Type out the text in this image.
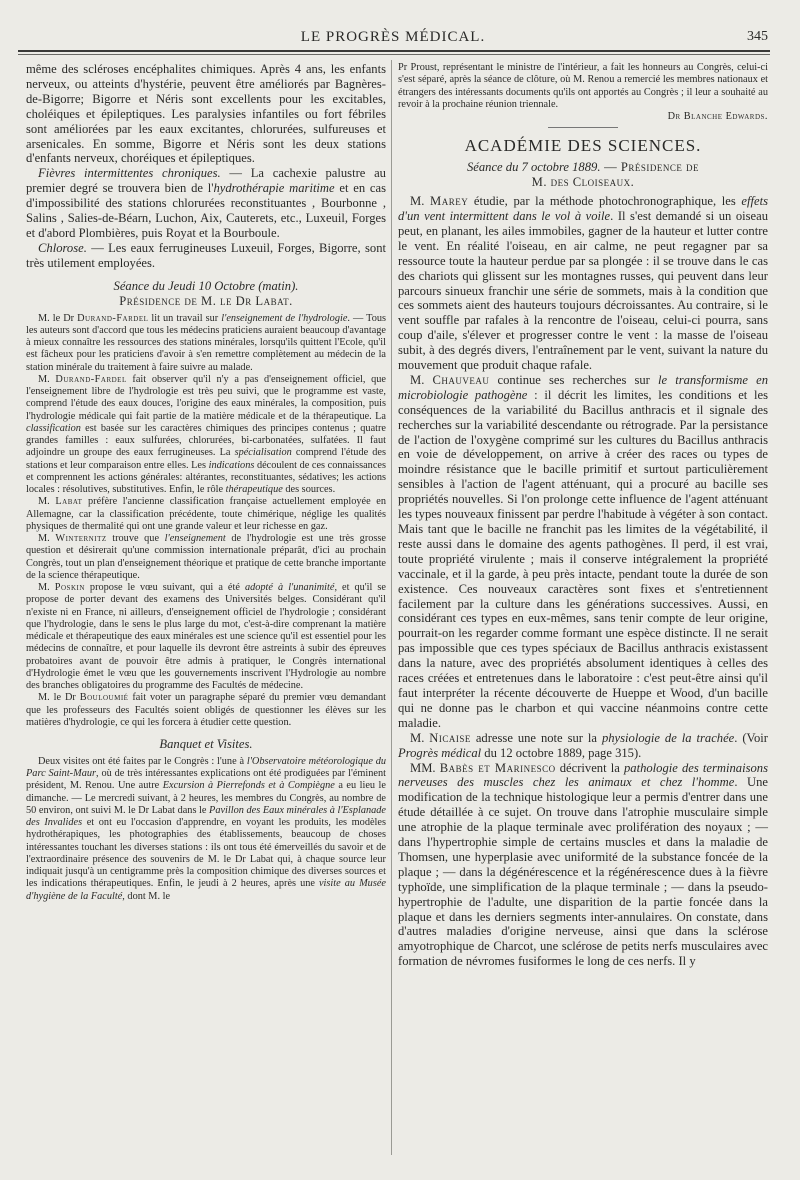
LE PROGRÈS MÉDICAL.	345

même des scléroses encéphalites chimiques. Après 4 ans, les enfants nerveux, ou atteints d'hystérie, peuvent être améliorés par Bagnères-de-Bigorre; Bigorre et Néris sont excellents pour les excitables, choléiques et épileptiques. Les paralysies infantiles ou fort fébriles sont améliorées par les eaux excitantes, chlorurées, sulfureuses et arsenicales. En somme, Bigorre et Néris sont les deux stations d'enfants nerveux, choréiques et épileptiques.

Fièvres intermittentes chroniques. — La cachexie palustre au premier degré se trouvera bien de l'hydrothérapie maritime et en cas d'impossibilité des stations chlorurées reconstituantes , Bourbonne , Salins , Salies-de-Béarn, Luchon, Aix, Cauterets, etc., Luxeuil, Forges et d'abord Plombières, puis Royat et la Bourboule.

Chlorose. — Les eaux ferrugineuses Luxeuil, Forges, Bigorre, sont très utilement employées.

Séance du Jeudi 10 Octobre (matin).

Présidence de M. le Dr Labat.

M. le Dr Durand-Fardel lit un travail sur l'enseignement de l'hydrologie. — Tous les auteurs sont d'accord que tous les médecins praticiens auraient beaucoup d'avantage à mieux connaître les ressources des stations minérales, lorsqu'ils quittent l'Ecole, qu'il est fâcheux pour les praticiens d'avoir à s'en remettre complètement au médecin de la station minérale du traitement à faire suivre au malade.

M. Durand-Fardel fait observer qu'il n'y a pas d'enseignement officiel, que l'enseignement libre de l'hydrologie est très peu suivi, que le programme est vaste, comprend l'étude des eaux douces, l'origine des eaux minérales, la composition, puis l'hydrologie médicale qui fait partie de la matière médicale et de la thérapeutique. La classification est basée sur les caractères chimiques des principes contenus ; quatre grandes familles : eaux sulfurées, chlorurées, bi-carbonatées, sulfatées. Il faut adjoindre un groupe des eaux ferrugineuses. La spécialisation comprend l'étude des stations et leur comparaison entre elles. Les indications découlent de ces connaissances et comprennent les actions générales: altérantes, reconstituantes, sédatives; les actions locales : résolutives, substitutives. Enfin, le rôle thérapeutique des sources.

M. Labat préfère l'ancienne classification française actuellement employée en Allemagne, car la classification précédente, toute chimérique, néglige les qualités physiques de thermalité qui ont une grande valeur et leur richesse en gaz.

M. Winternitz trouve que l'enseignement de l'hydrologie est une très grosse question et désirerait qu'une commission internationale préparât, d'ici au prochain Congrès, tout un plan d'enseignement théorique et pratique de cette branche importante de la science thérapeutique.

M. Poskin propose le vœu suivant, qui a été adopté à l'unanimité, et qu'il se propose de porter devant des examens des Universités belges. Considérant qu'il n'existe ni en France, ni ailleurs, d'enseignement officiel de l'hydrologie ; considérant que l'hydrologie, dans le sens le plus large du mot, c'est-à-dire comprenant la matière médicale et thérapeutique des eaux minérales est une science qu'il est essentiel pour les médecins de connaître, et pour laquelle ils devront être astreints à subir des épreuves probatoires avant de pouvoir être admis à pratiquer, le Congrès international d'Hydrologie émet le vœu que les gouvernements inscrivent l'Hydrologie au nombre des branches obligatoires du programme des Facultés de médecine.

M. le Dr Bouloumié fait voter un paragraphe séparé du premier vœu demandant que les professeurs des Facultés soient obligés de questionner les élèves sur les matières d'hydrologie, ce qui les forcera à étudier cette question.

Banquet et Visites.

Deux visites ont été faites par le Congrès : l'une à l'Observatoire météorologique du Parc Saint-Maur, où de très intéressantes explications ont été prodiguées par l'éminent président, M. Renou. Une autre Excursion à Pierrefonds et à Compiègne a eu lieu le dimanche. — Le mercredi suivant, à 2 heures, les membres du Congrès, au nombre de 50 environ, ont suivi M. le Dr Labat dans le Pavillon des Eaux minérales à l'Esplanade des Invalides et ont eu l'occasion d'apprendre, en voyant les produits, les modèles hydrothérapiques, les photographies des établissements, beaucoup de choses intéressantes touchant les diverses stations : ils ont tous été émerveillés du savoir et de l'extraordinaire présence des souvenirs de M. le Dr Labat qui, à chaque source leur indiquait jusqu'à un centigramme près la composition chimique des diverses sources et les indications thérapeutiques. Enfin, le jeudi à 2 heures, après une visite au Musée d'hygiène de la Faculté, dont M. le

Pr Proust, représentant le ministre de l'intérieur, a fait les honneurs au Congrès, celui-ci s'est séparé, après la séance de clôture, où M. Renou a remercié les membres nationaux et étrangers des intéressants documents qu'ils ont apportés au Congrès ; il leur a souhaité au revoir à la prochaine réunion triennale.

Dr Blanche Edwards.

ACADÉMIE DES SCIENCES.

Séance du 7 octobre 1889. — Présidence de

M. des Cloiseaux.

M. Marey étudie, par la méthode photochronographique, les effets d'un vent intermittent dans le vol à voile. Il s'est demandé si un oiseau peut, en planant, les ailes immobiles, gagner de la hauteur et lutter contre le vent. En réalité l'oiseau, en air calme, ne peut regagner par sa ressource toute la hauteur perdue par sa plongée : il se trouve dans le cas des chariots qui glissent sur les montagnes russes, qui peuvent dans leur parcours sinueux franchir une série de sommets, mais à la condition que ces sommets aient des hauteurs toujours décroissantes. Au contraire, si le vent souffle par rafales à la rencontre de l'oiseau, celui-ci pourra, sans coup d'aile, s'élever et progresser contre le vent : la masse de l'oiseau subit, à des degrés divers, l'entraînement par le vent, suivant la nature du mouvement que produit chaque rafale.

M. Chauveau continue ses recherches sur le transformisme en microbiologie pathogène : il décrit les limites, les conditions et les conséquences de la variabilité du Bacillus anthracis et il signale des recherches sur la variabilité descendante ou rétrograde. Par la persistance de l'action de l'oxygène comprimé sur les cultures du Bacillus anthracis en voie de développement, on arrive à créer des races ou types de moindre résistance que le bacille primitif et surtout particulièrement sensibles à l'action de l'agent atténuant, qui a procuré au bacille ses propriétés nouvelles. Si l'on prolonge cette influence de l'agent atténuant les types nouveaux finissent par perdre l'habitude à végéter à son contact. Mais tant que le bacille ne franchit pas les limites de la végétabilité, il reste aussi dans le domaine des agents pathogènes. Il perd, il est vrai, toute propriété virulente ; mais il conserve intégralement la propriété vaccinale, et il la garde, à peu près intacte, pendant toute la durée de son existence. Ces nouveaux caractères sont fixes et s'entretiennent facilement par la culture dans les générations successives. Aussi, en considérant ces types en eux-mêmes, sans tenir compte de leur origine, pourrait-on les regarder comme formant une espèce distincte. Il ne serait pas impossible que ces types spéciaux de Bacillus anthracis existassent dans la nature, avec des propriétés absolument identiques à celles des races créées et entretenues dans le laboratoire : c'est peut-être ainsi qu'il faut interpréter la récente découverte de Hueppe et Wood, d'un bacille qui ne donne pas le charbon et qui vaccine néanmoins contre cette maladie.

M. Nicaise adresse une note sur la physiologie de la trachée. (Voir Progrès médical du 12 octobre 1889, page 315).

MM. Babès et Marinesco décrivent la pathologie des terminaisons nerveuses des muscles chez les animaux et chez l'homme. Une modification de la technique histologique leur a permis d'entrer dans une étude détaillée à ce sujet. On trouve dans l'atrophie musculaire simple une atrophie de la plaque terminale avec prolifération des noyaux ; — dans l'hypertrophie simple de certains muscles et dans la maladie de Thomsen, une hyperplasie avec uniformité de la substance foncée de la plaque ; — dans la dégénérescence et la régénérescence dues à la fièvre typhoïde, une simplification de la plaque terminale ; — dans la pseudo-hypertrophie de l'adulte, une disparition de la partie foncée dans la plaque et dans les derniers segments inter-annulaires. On constate, dans d'autres maladies d'origine nerveuse, ainsi que dans la sclérose amyotrophique de Charcot, une sclérose de petits nerfs musculaires avec formation de névromes fusiformes le long de ces nerfs. Il y
